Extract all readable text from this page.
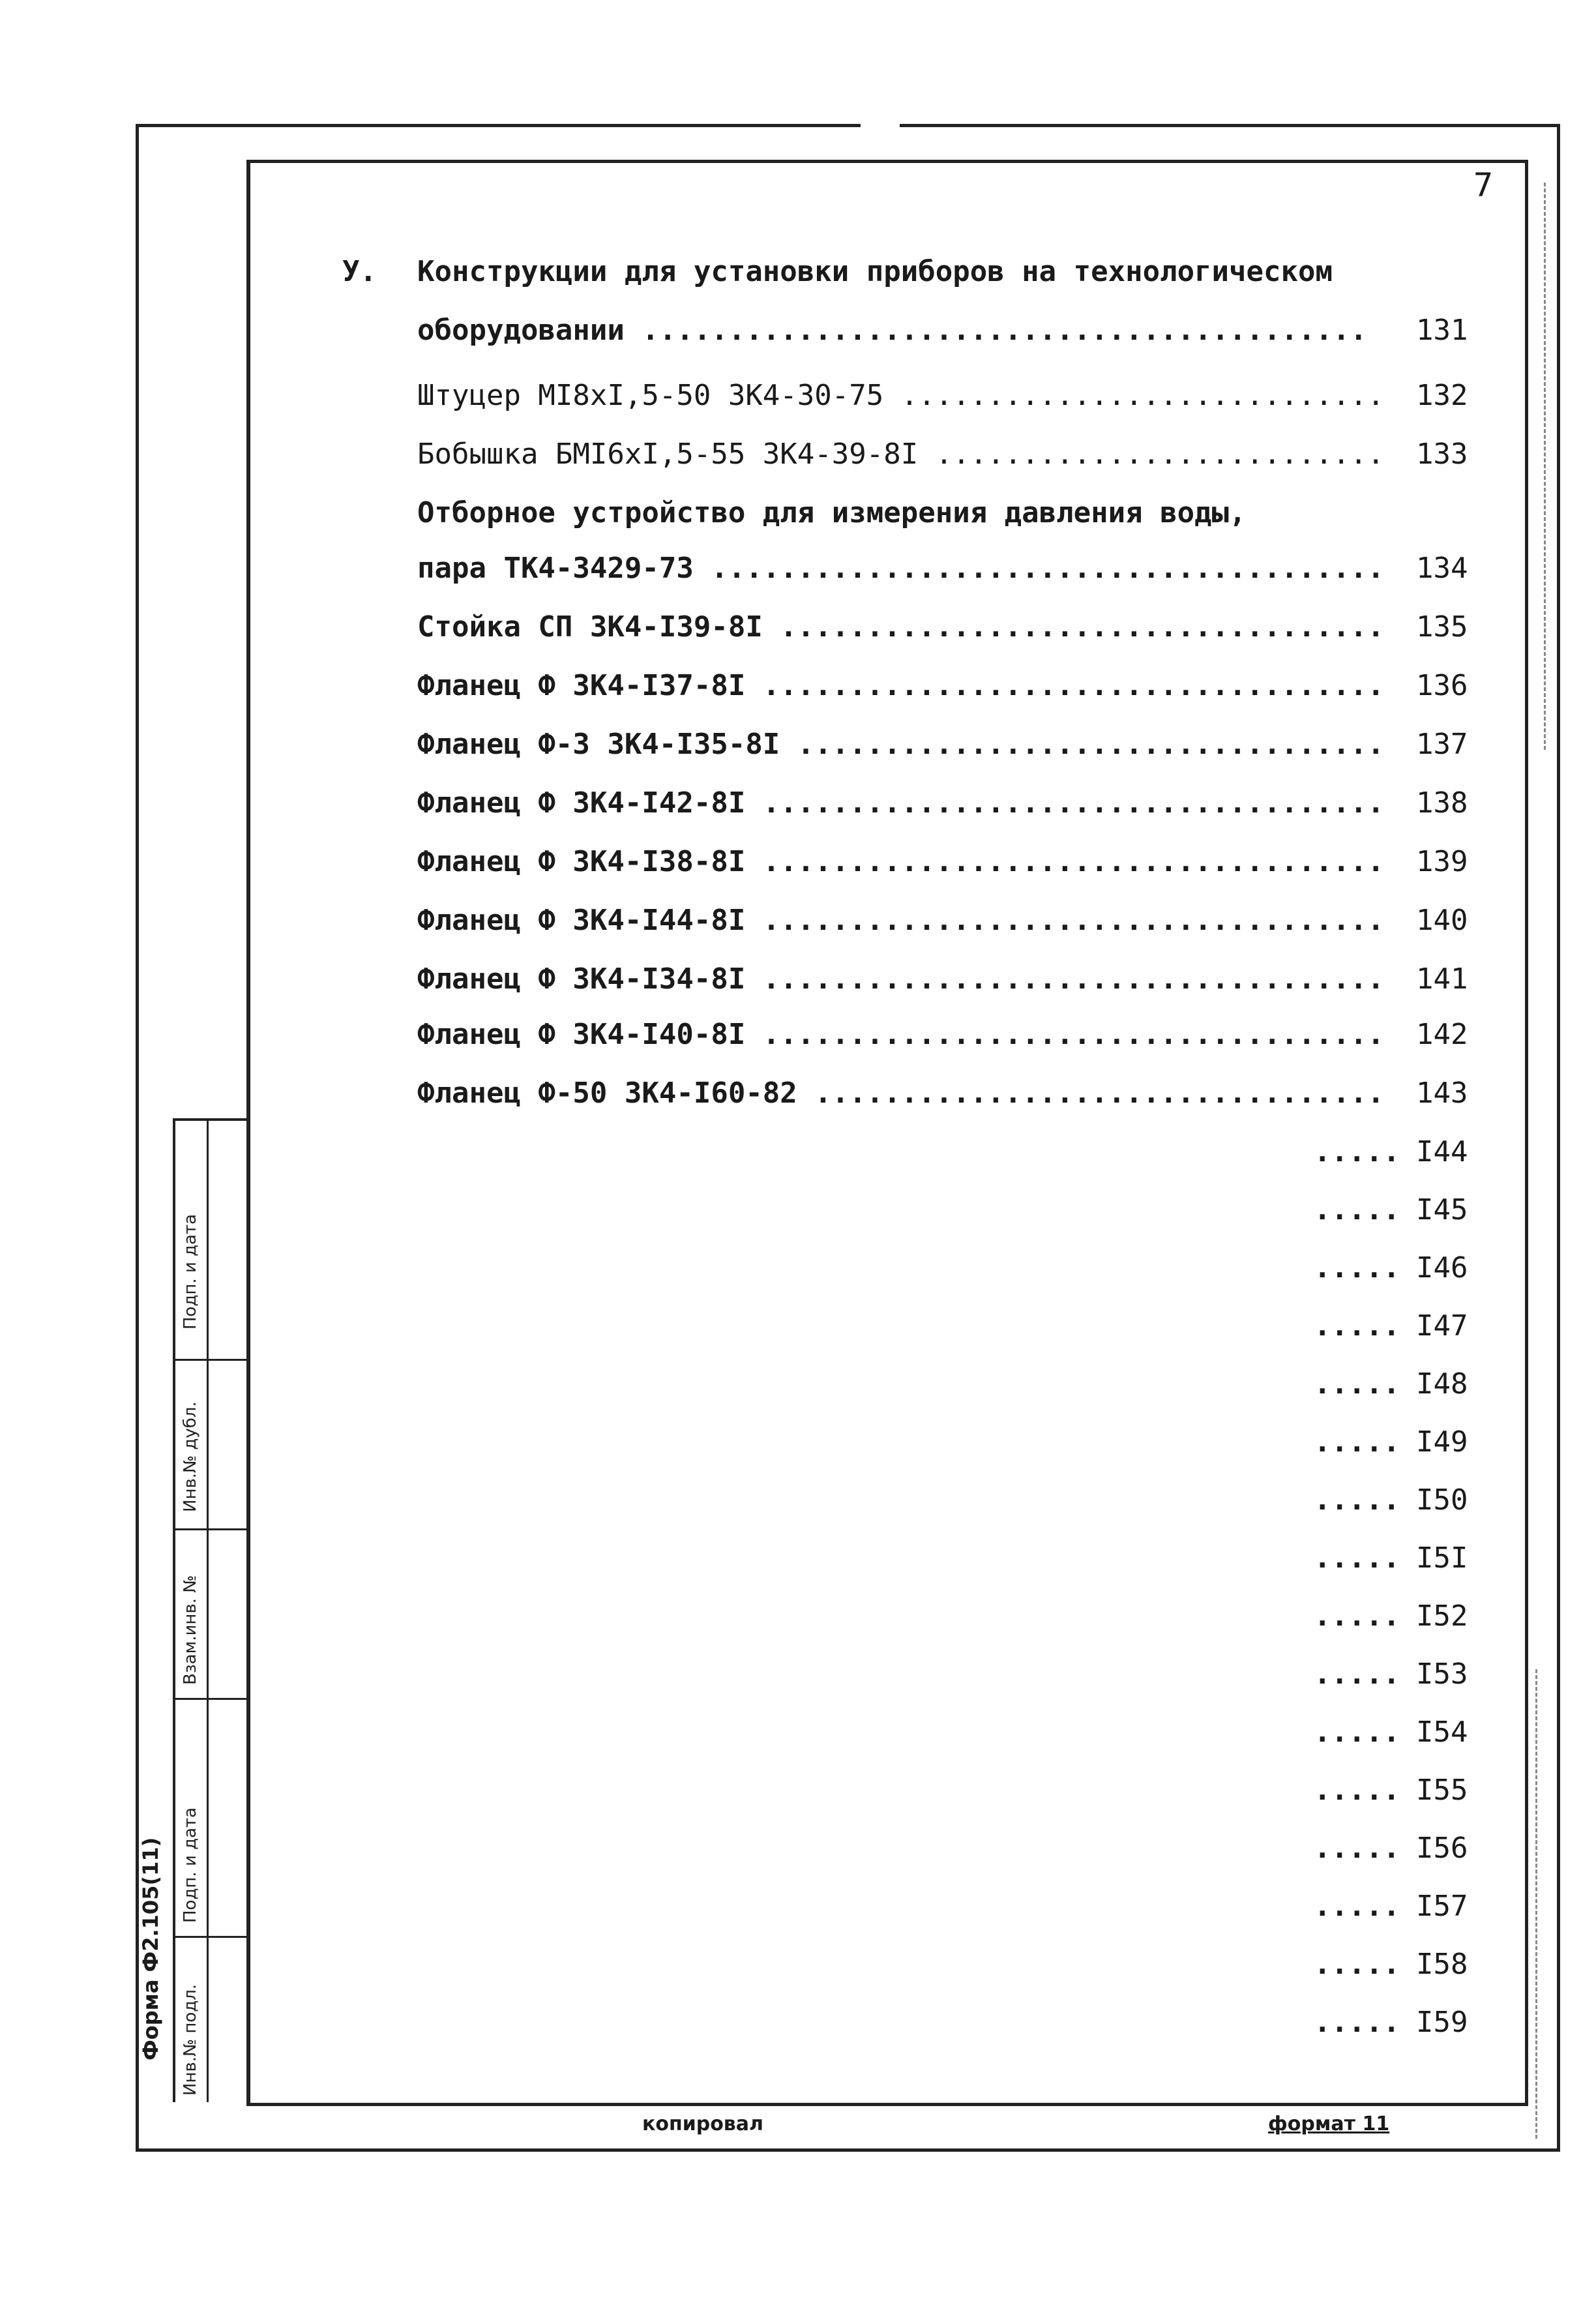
7
У. Конструкции для установки приборов на технологическом
оборудовании .......................................... 131
Штуцер МI8хI,5-50 ЗК4-30-75 ............................ 132
Бобышка БМI6хI,5-55 ЗК4-39-8I .......................... 133
Отборное устройство для измерения давления воды,
пара ТК4-3429-73 ....................................... 134
Стойка СП ЗК4-I39-8I ................................... 135
Фланец Ф ЗК4-I37-8I .................................... 136
Фланец Ф-3 ЗК4-I35-8I .................................. 137
Фланец Ф ЗК4-I42-8I .................................... 138
Фланец Ф ЗК4-I38-8I .................................... 139
Фланец Ф ЗК4-I44-8I .................................... 140
Фланец Ф ЗК4-I34-8I .................................... 141
Фланец Ф ЗК4-I40-8I .................................... 142
Фланец Ф-50 ЗК4-I60-82 ................................. 143
..... I44
..... I45
..... I46
..... I47
..... I48
..... I49
..... I50
..... I5I
..... I52
..... I53
..... I54
..... I55
..... I56
..... I57
..... I58
..... I59
Подп. и дата
Инв.№ дубл.
Взам.инв. №
Подп. и дата
Инв.№ подл.
Форма Ф2.105(11)
копировал	формат 11
